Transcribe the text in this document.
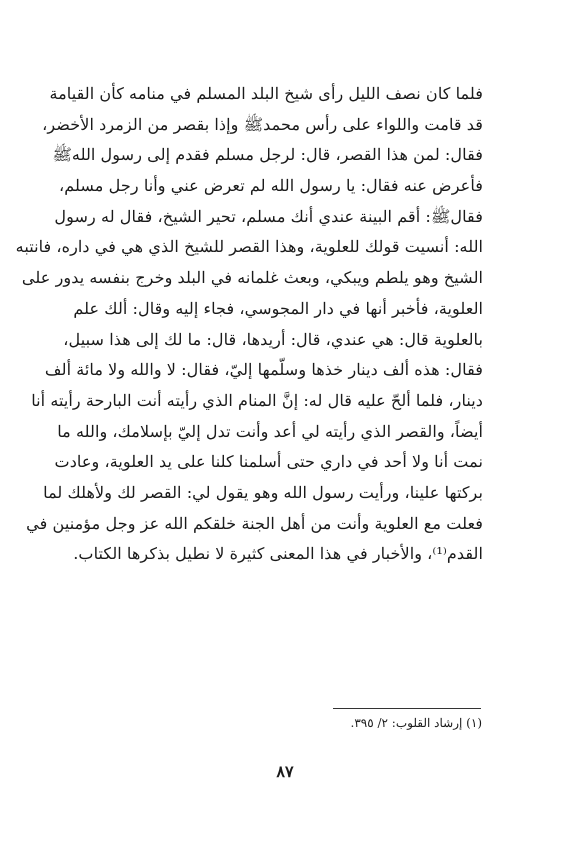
فلما كان نصف الليل رأى شيخ البلد المسلم في منامه كأن القيامة
قد قامت واللواء على رأس محمدﷺ وإذا بقصر من الزمرد الأخضر،
فقال: لمن هذا القصر، قال: لرجل مسلم فقدم إلى رسول اللهﷺ
فأعرض عنه فقال: يا رسول الله لم تعرض عني وأنا رجل مسلم،
فقالﷺ: أقم البينة عندي أنك مسلم، تحير الشيخ، فقال له رسول
الله: أنسيت قولك للعلوية، وهذا القصر للشيخ الذي هي في داره، فانتبه
الشيخ وهو يلطم ويبكي، وبعث غلمانه في البلد وخرج بنفسه يدور على
العلوية، فأخبر أنها في دار المجوسي، فجاء إليه وقال: ألك علم
بالعلوية قال: هي عندي، قال: أريدها، قال: ما لك إلى هذا سبيل،
فقال: هذه ألف دينار خذها وسلّمها إليّ، فقال: لا والله ولا مائة ألف
دينار، فلما ألحّ عليه قال له: إنَّ المنام الذي رأيته أنت البارحة رأيته أنا
أيضاً، والقصر الذي رأيته لي أعد وأنت تدل إليّ بإسلامك، والله ما
نمت أنا ولا أحد في داري حتى أسلمنا كلنا على يد العلوية، وعادت
بركتها علينا، ورأيت رسول الله وهو يقول لي: القصر لك ولأهلك لما
فعلت مع العلوية وأنت من أهل الجنة خلقكم الله عز وجل مؤمنين في
القدم⁽¹⁾، والأخبار في هذا المعنى كثيرة لا نطيل بذكرها الكتاب.
(١) إرشاد القلوب: ٢/ ٣٩٥.
٨٧
